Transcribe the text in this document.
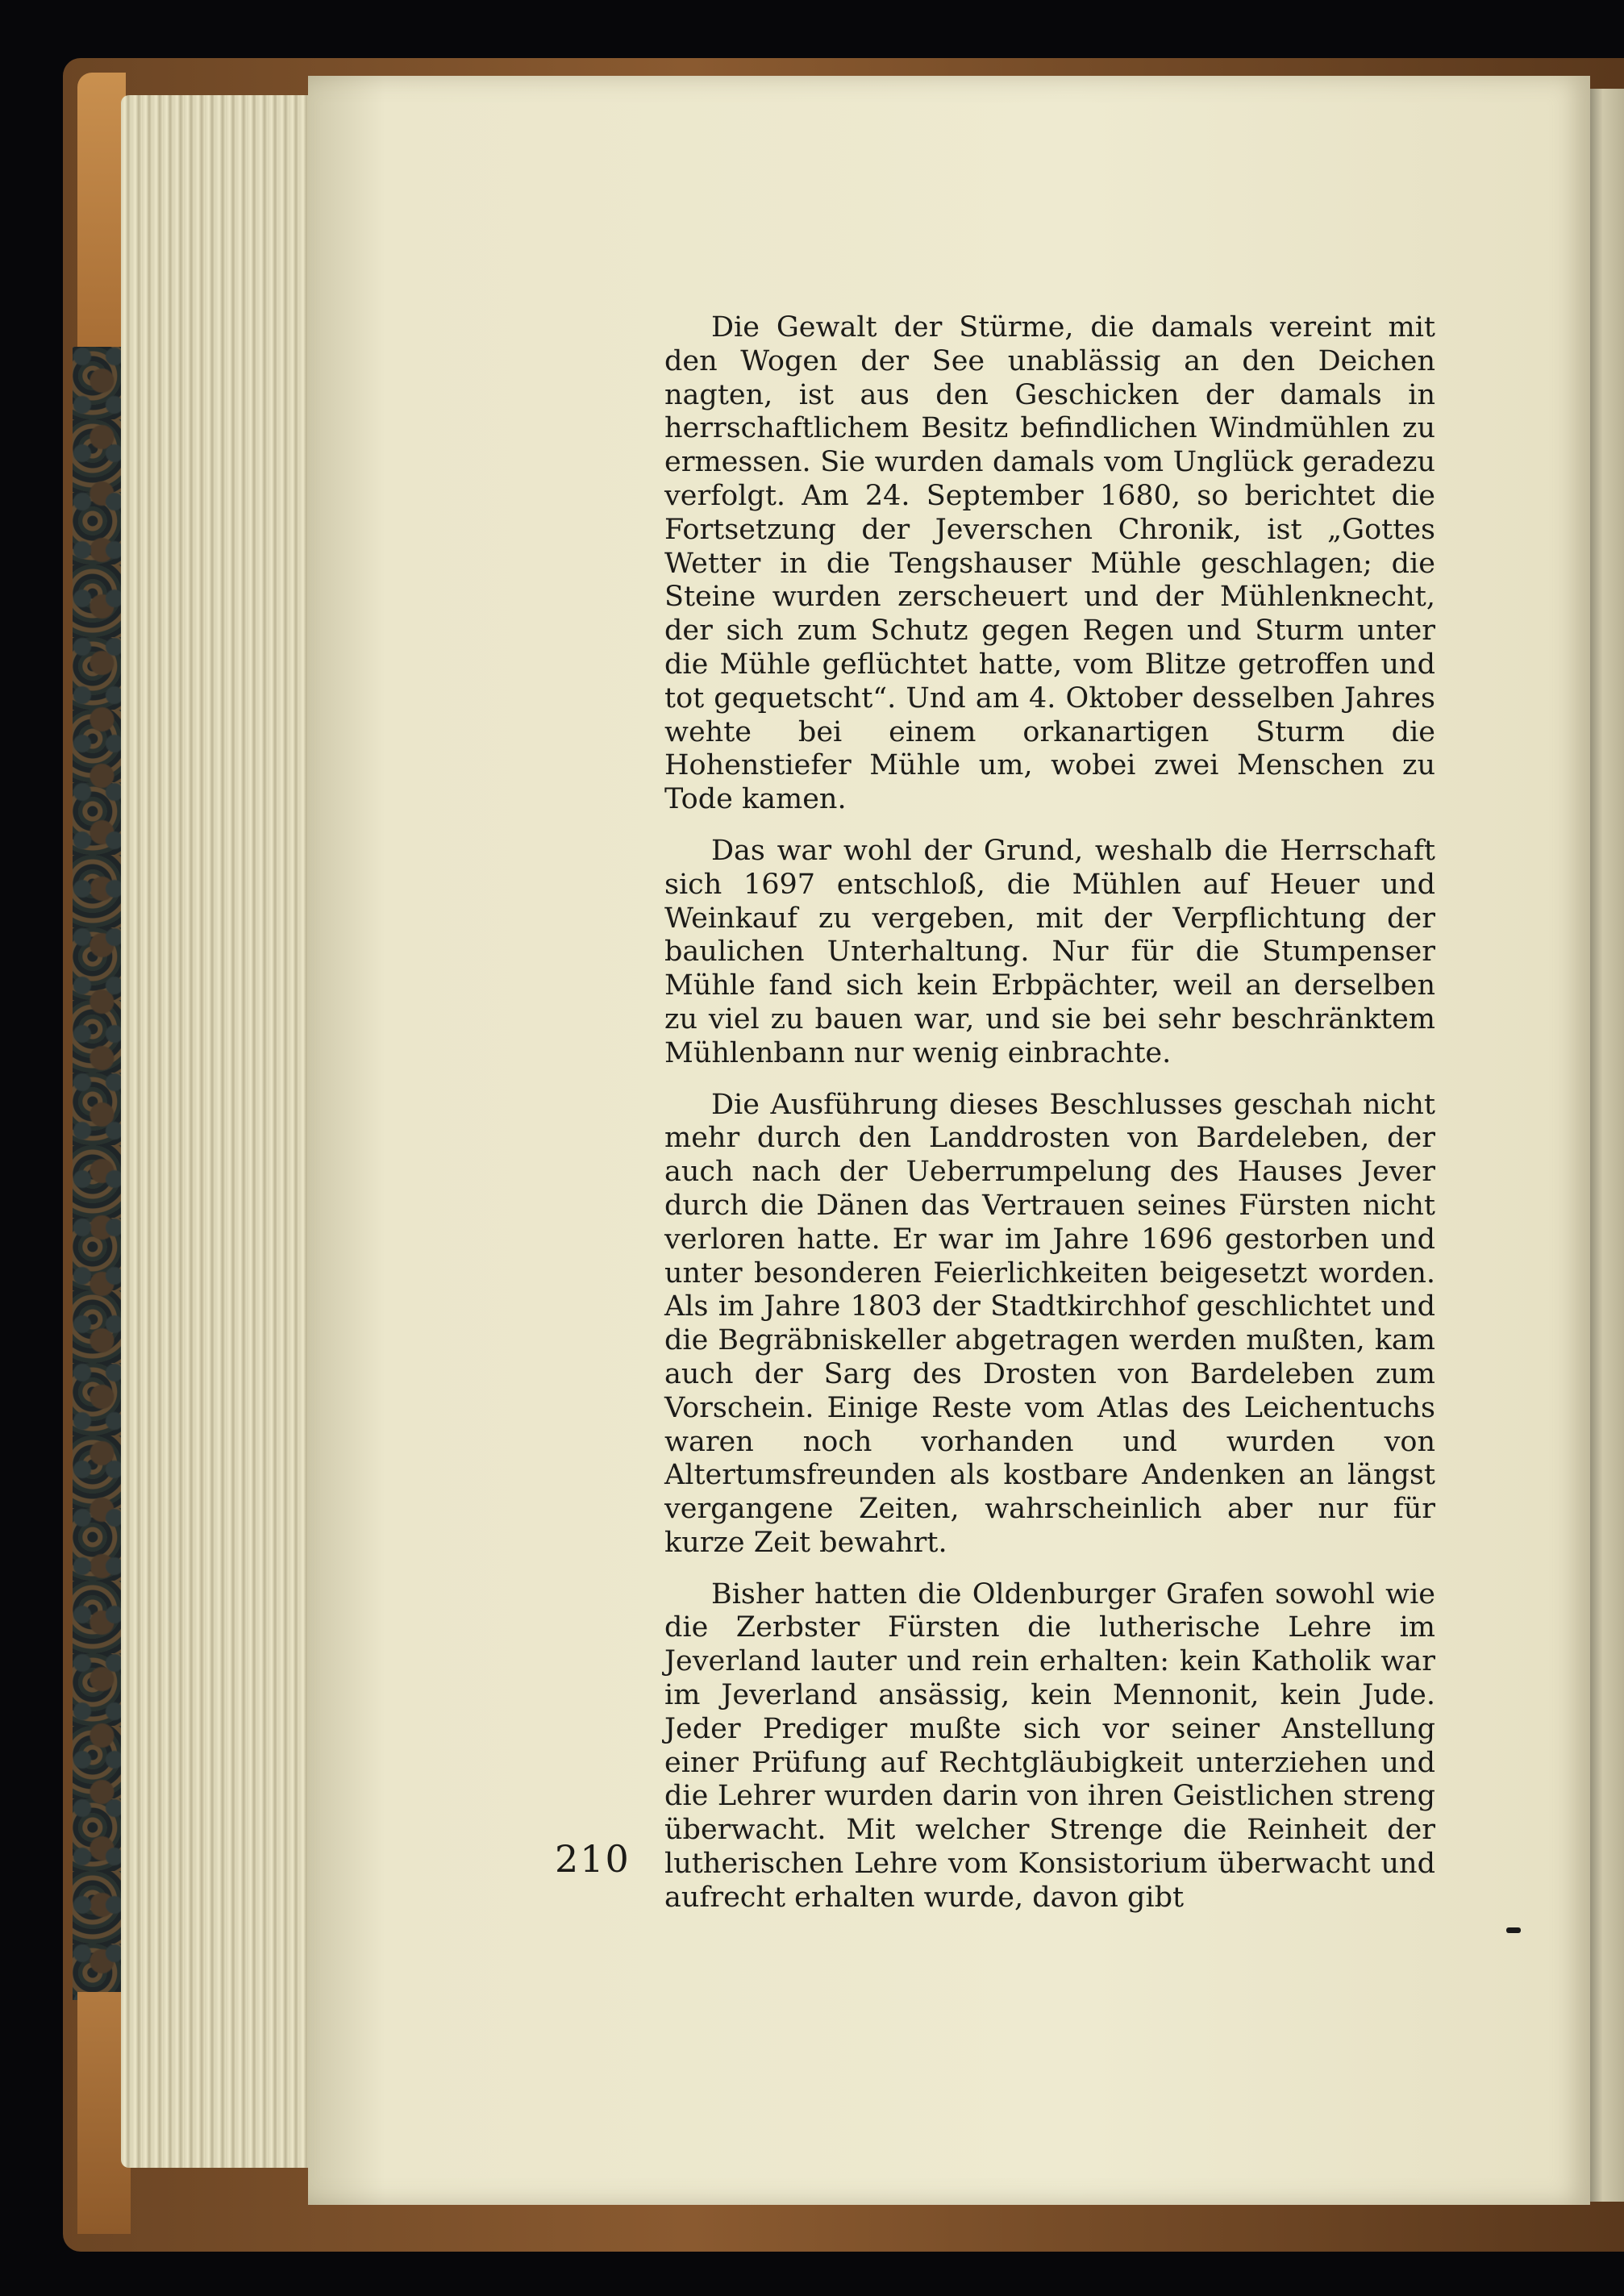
Die Gewalt der Stürme, die damals vereint mit den Wogen der See unablässig an den Deichen nagten, ist aus den Geschicken der damals in herrschaftlichem Besitz befindlichen Windmühlen zu ermessen. Sie wurden damals vom Unglück geradezu verfolgt. Am 24. September 1680, so berichtet die Fortsetzung der Jeverschen Chronik, ist „Gottes Wetter in die Tengshauser Mühle geschlagen; die Steine wurden zerscheuert und der Mühlenknecht, der sich zum Schutz gegen Regen und Sturm unter die Mühle geflüchtet hatte, vom Blitze getroffen und tot gequetscht“. Und am 4. Oktober desselben Jahres wehte bei einem orkanartigen Sturm die Hohenstiefer Mühle um, wobei zwei Menschen zu Tode kamen.

Das war wohl der Grund, weshalb die Herrschaft sich 1697 entschloß, die Mühlen auf Heuer und Weinkauf zu vergeben, mit der Verpflichtung der baulichen Unterhaltung. Nur für die Stumpenser Mühle fand sich kein Erbpächter, weil an derselben zu viel zu bauen war, und sie bei sehr beschränktem Mühlenbann nur wenig einbrachte.

Die Ausführung dieses Beschlusses geschah nicht mehr durch den Landdrosten von Bardeleben, der auch nach der Ueberrumpelung des Hauses Jever durch die Dänen das Vertrauen seines Fürsten nicht verloren hatte. Er war im Jahre 1696 gestorben und unter besonderen Feierlichkeiten beigesetzt worden. Als im Jahre 1803 der Stadtkirchhof geschlichtet und die Begräbniskeller abgetragen werden mußten, kam auch der Sarg des Drosten von Bardeleben zum Vorschein. Einige Reste vom Atlas des Leichentuchs waren noch vorhanden und wurden von Altertumsfreunden als kostbare Andenken an längst vergangene Zeiten, wahrscheinlich aber nur für kurze Zeit bewahrt.

Bisher hatten die Oldenburger Grafen sowohl wie die Zerbster Fürsten die lutherische Lehre im Jeverland lauter und rein erhalten: kein Katholik war im Jeverland ansässig, kein Mennonit, kein Jude. Jeder Prediger mußte sich vor seiner Anstellung einer Prüfung auf Rechtgläubigkeit unterziehen und die Lehrer wurden darin von ihren Geistlichen streng überwacht. Mit welcher Strenge die Reinheit der lutherischen Lehre vom Konsistorium überwacht und aufrecht erhalten wurde, davon gibt

210
